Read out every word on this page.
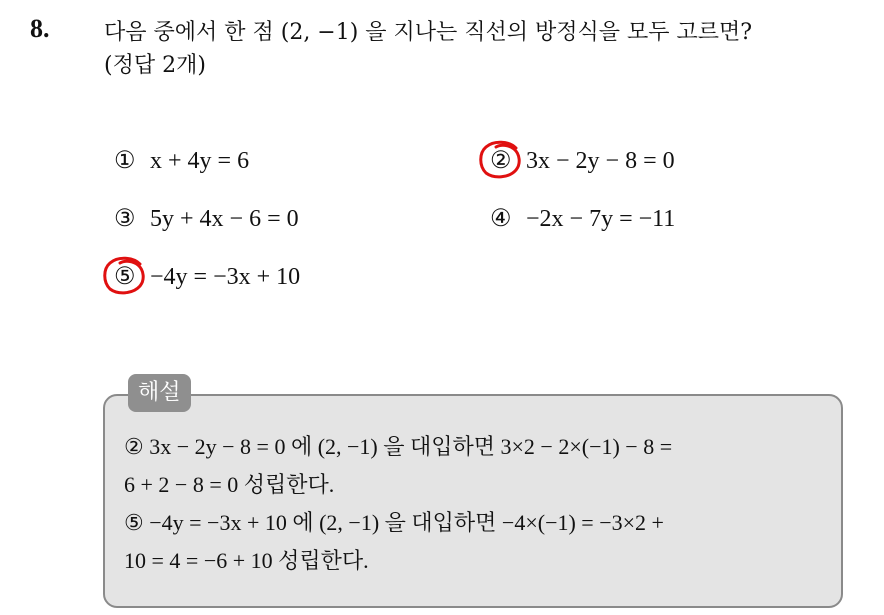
8. 다음 중에서 한 점 (2, −1) 을 지나는 직선의 방정식을 모두 고르면?
(정답 2개)
① x + 4y = 6	② 3x − 2y − 8 = 0
③ 5y + 4x − 6 = 0	④ −2x − 7y = −11
⑤ −4y = −3x + 10
해설
② 3x − 2y − 8 = 0 에 (2, −1) 을 대입하면 3×2 − 2×(−1) − 8 =
6 + 2 − 8 = 0 성립한다.
⑤ −4y = −3x + 10 에 (2, −1) 을 대입하면 −4×(−1) = −3×2 +
10 = 4 = −6 + 10 성립한다.
